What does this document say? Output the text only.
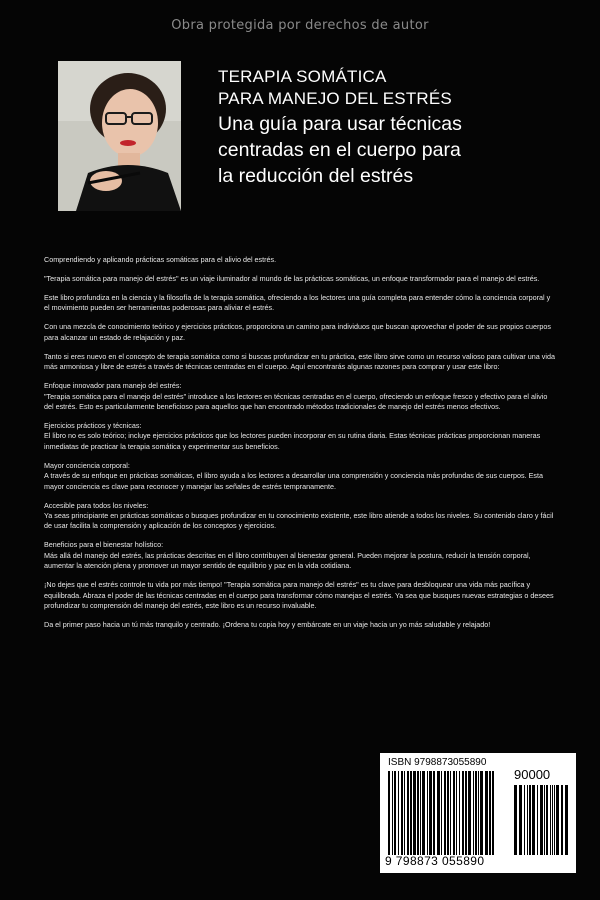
Obra protegida por derechos de autor
TERAPIA SOMÁTICA
PARA MANEJO DEL ESTRÉS
Una guía para usar técnicas
centradas en el cuerpo para
la reducción del estrés

Comprendiendo y aplicando prácticas somáticas para el alivio del estrés.

"Terapia somática para manejo del estrés" es un viaje iluminador al mundo de las prácticas somáticas, un enfoque transformador para el manejo del estrés.

Este libro profundiza en la ciencia y la filosofía de la terapia somática, ofreciendo a los lectores una guía completa para entender cómo la conciencia corporal y el movimiento pueden ser herramientas poderosas para aliviar el estrés.

Con una mezcla de conocimiento teórico y ejercicios prácticos, proporciona un camino para individuos que buscan aprovechar el poder de sus propios cuerpos para alcanzar un estado de relajación y paz.

Tanto si eres nuevo en el concepto de terapia somática como si buscas profundizar en tu práctica, este libro sirve como un recurso valioso para cultivar una vida más armoniosa y libre de estrés a través de técnicas centradas en el cuerpo. Aquí encontrarás algunas razones para comprar y usar este libro:

Enfoque innovador para manejo del estrés:
"Terapia somática para el manejo del estrés" introduce a los lectores en técnicas centradas en el cuerpo, ofreciendo un enfoque fresco y efectivo para el alivio del estrés. Esto es particularmente beneficioso para aquellos que han encontrado métodos tradicionales de manejo del estrés menos efectivos.

Ejercicios prácticos y técnicas:
El libro no es solo teórico; incluye ejercicios prácticos que los lectores pueden incorporar en su rutina diaria. Estas técnicas prácticas proporcionan maneras inmediatas de practicar la terapia somática y experimentar sus beneficios.

Mayor conciencia corporal:
A través de su enfoque en prácticas somáticas, el libro ayuda a los lectores a desarrollar una comprensión y conciencia más profundas de sus cuerpos. Esta mayor conciencia es clave para reconocer y manejar las señales de estrés tempranamente.

Accesible para todos los niveles:
Ya seas principiante en prácticas somáticas o busques profundizar en tu conocimiento existente, este libro atiende a todos los niveles. Su contenido claro y fácil de usar facilita la comprensión y aplicación de los conceptos y ejercicios.

Beneficios para el bienestar holístico:
Más allá del manejo del estrés, las prácticas descritas en el libro contribuyen al bienestar general. Pueden mejorar la postura, reducir la tensión corporal, aumentar la atención plena y promover un mayor sentido de equilibrio y paz en la vida cotidiana.

¡No dejes que el estrés controle tu vida por más tiempo! "Terapia somática para manejo del estrés" es tu clave para desbloquear una vida más pacífica y equilibrada. Abraza el poder de las técnicas centradas en el cuerpo para transformar cómo manejas el estrés. Ya sea que busques nuevas estrategias o desees profundizar tu comprensión del manejo del estrés, este libro es un recurso invaluable.

Da el primer paso hacia un tú más tranquilo y centrado. ¡Ordena tu copia hoy y embárcate en un viaje hacia un yo más saludable y relajado!

ISBN 9798873055890
90000
9 798873 055890
